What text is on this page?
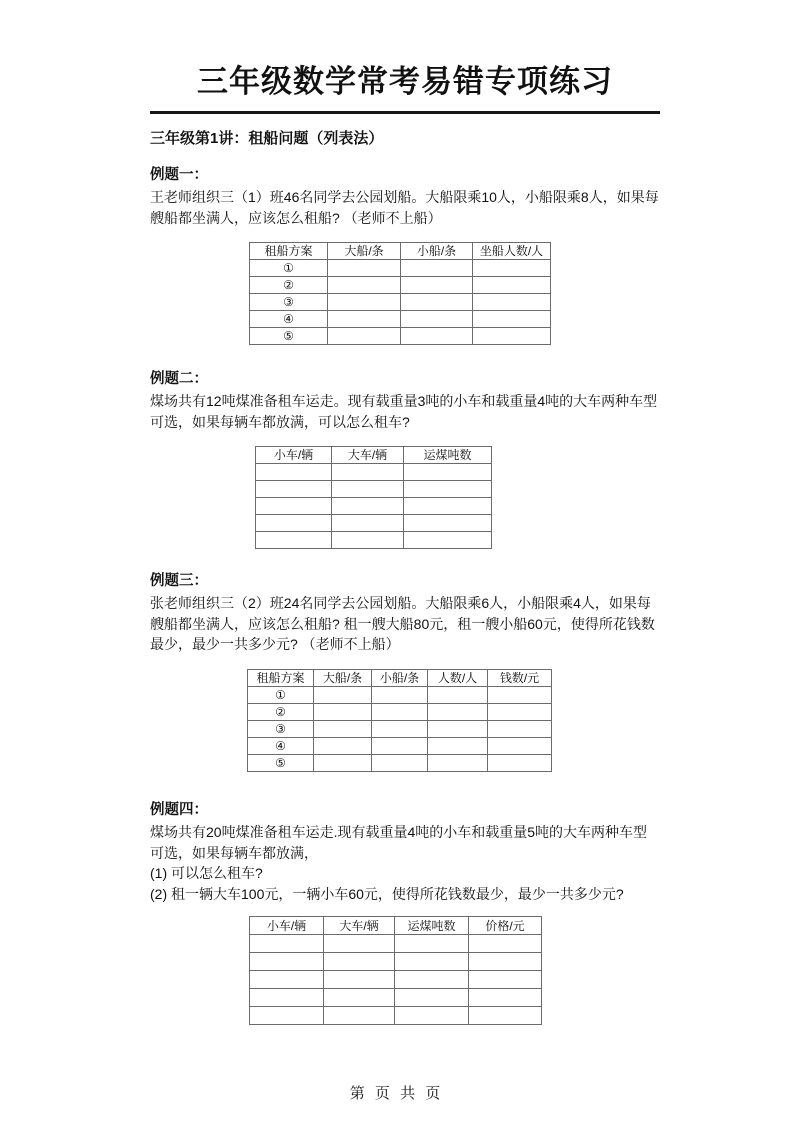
三年级数学常考易错专项练习
三年级第1讲：租船问题（列表法）
例题一：

王老师组织三（1）班46名同学去公园划船。大船限乘10人，小船限乘8人，如果每艘船都坐满人，应该怎么租船? （老师不上船）

租船方案	大船/条	小船/条	坐船人数/人
①			
②			
③			
④			
⑤			
例题二：

煤场共有12吨煤准备租车运走。现有载重量3吨的小车和载重量4吨的大车两种车型可选，如果每辆车都放满，可以怎么租车?

小车/辆	大车/辆	运煤吨数

例题三：

张老师组织三（2）班24名同学去公园划船。大船限乘6人，小船限乘4人，如果每艘船都坐满人，应该怎么租船? 租一艘大船80元，租一艘小船60元，使得所花钱数最少，最少一共多少元? （老师不上船）

租船方案	大船/条	小船/条	人数/人	钱数/元
①				
②				
③				
④				
⑤				
例题四：

煤场共有20吨煤准备租车运走.现有载重量4吨的小车和载重量5吨的大车两种车型可选，如果每辆车都放满，

(1) 可以怎么租车?

(2) 租一辆大车100元，一辆小车60元，使得所花钱数最少，最少一共多少元?

小车/辆	大车/辆	运煤吨数	价格/元

第 页 共 页
